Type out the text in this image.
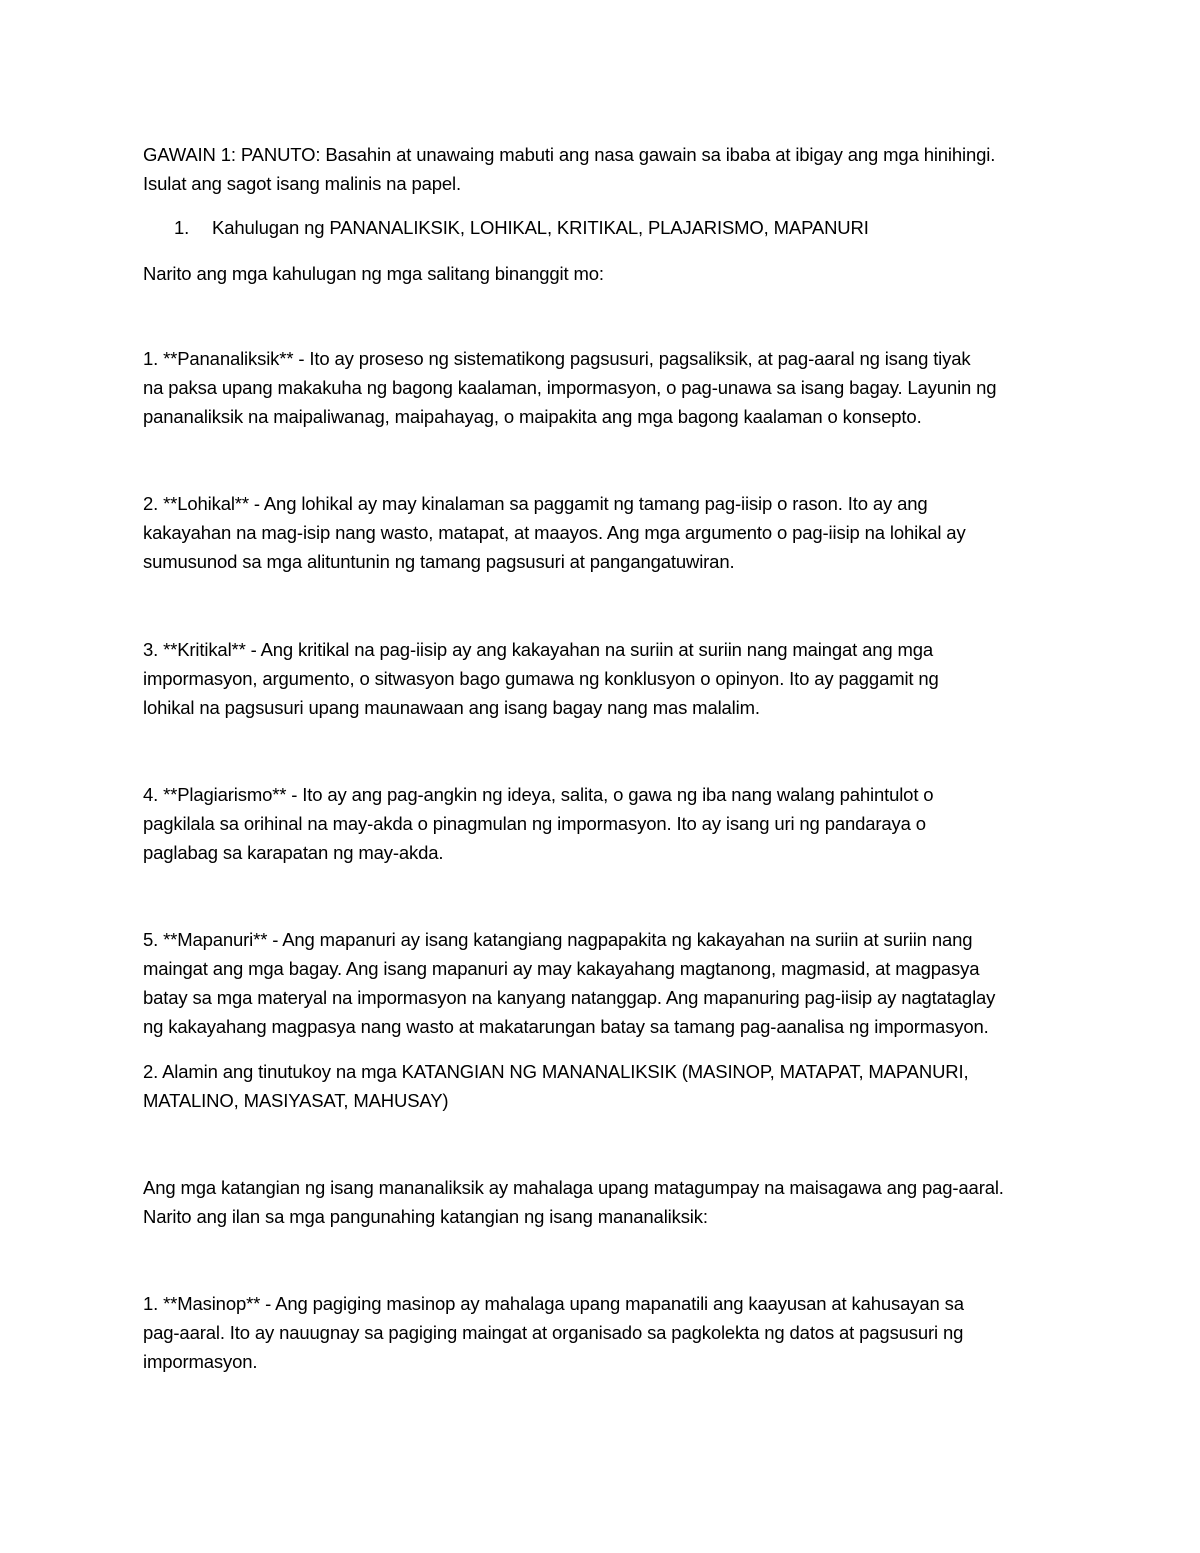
GAWAIN 1: PANUTO: Basahin at unawaing mabuti ang nasa gawain sa ibaba at ibigay ang mga hinihingi.
Isulat ang sagot isang malinis na papel.
1. Kahulugan ng PANANALIKSIK, LOHIKAL, KRITIKAL, PLAJARISMO, MAPANURI
Narito ang mga kahulugan ng mga salitang binanggit mo:
1. **Pananaliksik** - Ito ay proseso ng sistematikong pagsusuri, pagsaliksik, at pag-aaral ng isang tiyak
na paksa upang makakuha ng bagong kaalaman, impormasyon, o pag-unawa sa isang bagay. Layunin ng
pananaliksik na maipaliwanag, maipahayag, o maipakita ang mga bagong kaalaman o konsepto.
2. **Lohikal** - Ang lohikal ay may kinalaman sa paggamit ng tamang pag-iisip o rason. Ito ay ang
kakayahan na mag-isip nang wasto, matapat, at maayos. Ang mga argumento o pag-iisip na lohikal ay
sumusunod sa mga alituntunin ng tamang pagsusuri at pangangatuwiran.
3. **Kritikal** - Ang kritikal na pag-iisip ay ang kakayahan na suriin at suriin nang maingat ang mga
impormasyon, argumento, o sitwasyon bago gumawa ng konklusyon o opinyon. Ito ay paggamit ng
lohikal na pagsusuri upang maunawaan ang isang bagay nang mas malalim.
4. **Plagiarismo** - Ito ay ang pag-angkin ng ideya, salita, o gawa ng iba nang walang pahintulot o
pagkilala sa orihinal na may-akda o pinagmulan ng impormasyon. Ito ay isang uri ng pandaraya o
paglabag sa karapatan ng may-akda.
5. **Mapanuri** - Ang mapanuri ay isang katangiang nagpapakita ng kakayahan na suriin at suriin nang
maingat ang mga bagay. Ang isang mapanuri ay may kakayahang magtanong, magmasid, at magpasya
batay sa mga materyal na impormasyon na kanyang natanggap. Ang mapanuring pag-iisip ay nagtataglay
ng kakayahang magpasya nang wasto at makatarungan batay sa tamang pag-aanalisa ng impormasyon.
2. Alamin ang tinutukoy na mga KATANGIAN NG MANANALIKSIK (MASINOP, MATAPAT, MAPANURI,
MATALINO, MASIYASAT, MAHUSAY)
Ang mga katangian ng isang mananaliksik ay mahalaga upang matagumpay na maisagawa ang pag-aaral.
Narito ang ilan sa mga pangunahing katangian ng isang mananaliksik:
1. **Masinop** - Ang pagiging masinop ay mahalaga upang mapanatili ang kaayusan at kahusayan sa
pag-aaral. Ito ay nauugnay sa pagiging maingat at organisado sa pagkolekta ng datos at pagsusuri ng
impormasyon.
